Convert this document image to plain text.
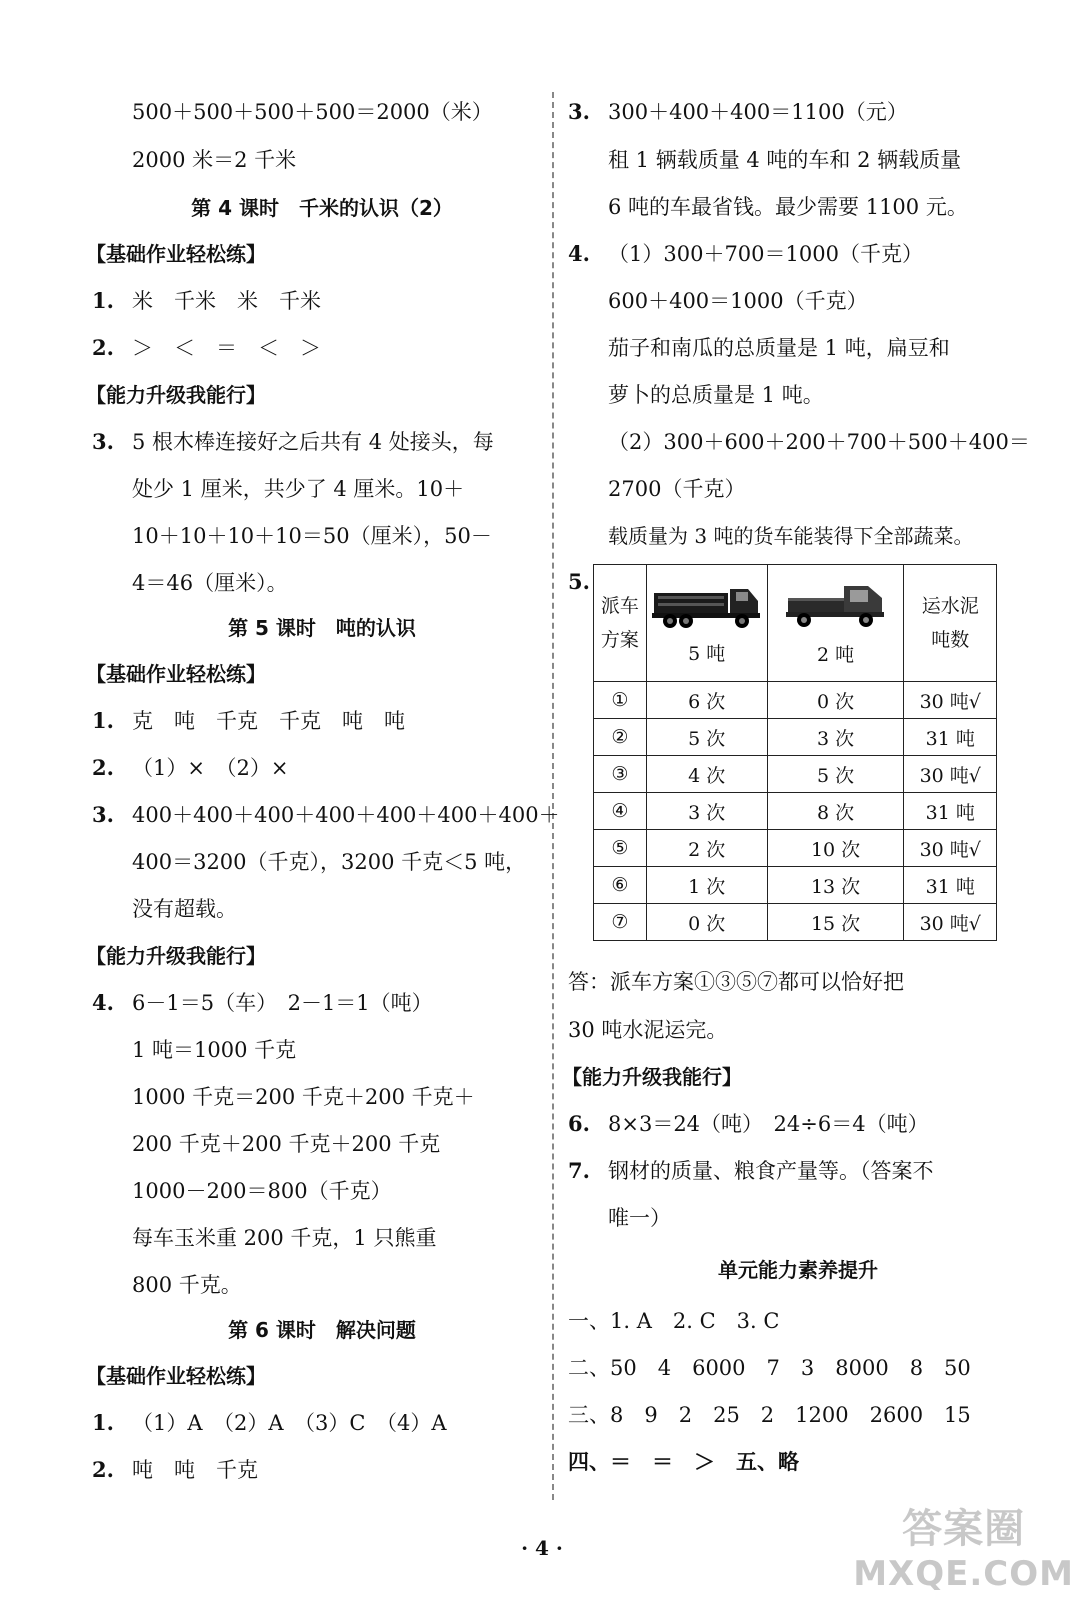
500＋500＋500＋500＝2000（米）
2000 米＝2 千米
第 4 课时　千米的认识（2）
【基础作业轻松练】
1. 米　千米　米　千米
2. ＞　＜　＝　＜　＞
【能力升级我能行】
3. 5 根木棒连接好之后共有 4 处接头，每
处少 1 厘米，共少了 4 厘米。10＋
10＋10＋10＋10＝50（厘米），50－
4＝46（厘米）。
第 5 课时　吨的认识
【基础作业轻松练】
1. 克　吨　千克　千克　吨　吨
2. （1）×　（2）×
3. 400＋400＋400＋400＋400＋400＋400＋
400＝3200（千克），3200 千克＜5 吨，
没有超载。
【能力升级我能行】
4. 6－1＝5（车）　2－1＝1（吨）
1 吨＝1000 千克
1000 千克＝200 千克＋200 千克＋
200 千克＋200 千克＋200 千克
1000－200＝800（千克）
每车玉米重 200 千克，1 只熊重
800 千克。
第 6 课时　解决问题
【基础作业轻松练】
1. （1）A　（2）A　（3）C　（4）A
2. 吨　吨　千克
3. 300＋400＋400＝1100（元）
租 1 辆载质量 4 吨的车和 2 辆载质量
6 吨的车最省钱。最少需要 1100 元。
4. （1）300＋700＝1000（千克）
600＋400＝1000（千克）
茄子和南瓜的总质量是 1 吨，扁豆和
萝卜的总质量是 1 吨。
（2）300＋600＋200＋700＋500＋400＝
2700（千克）
载质量为 3 吨的货车能装得下全部蔬菜。
5.
派车
方案	5 吨	2 吨	运水泥
吨数

①	6 次	0 次	30 吨√
②	5 次	3 次	31 吨
③	4 次	5 次	30 吨√
④	3 次	8 次	31 吨
⑤	2 次	10 次	30 吨√
⑥	1 次	13 次	31 吨
⑦	0 次	15 次	30 吨√
答：派车方案①③⑤⑦都可以恰好把
30 吨水泥运完。
【能力升级我能行】
6. 8×3＝24（吨）　24÷6＝4（吨）
7. 钢材的质量、粮食产量等。（答案不
唯一）
单元能力素养提升
一、1. A　2. C　3. C
二、50　4　6000　7　3　8000　8　50
三、8　9　2　25　2　1200　2600　15
四、＝　＝　＞　五、略
· 4 ·	答案圈
MXQE.COM
